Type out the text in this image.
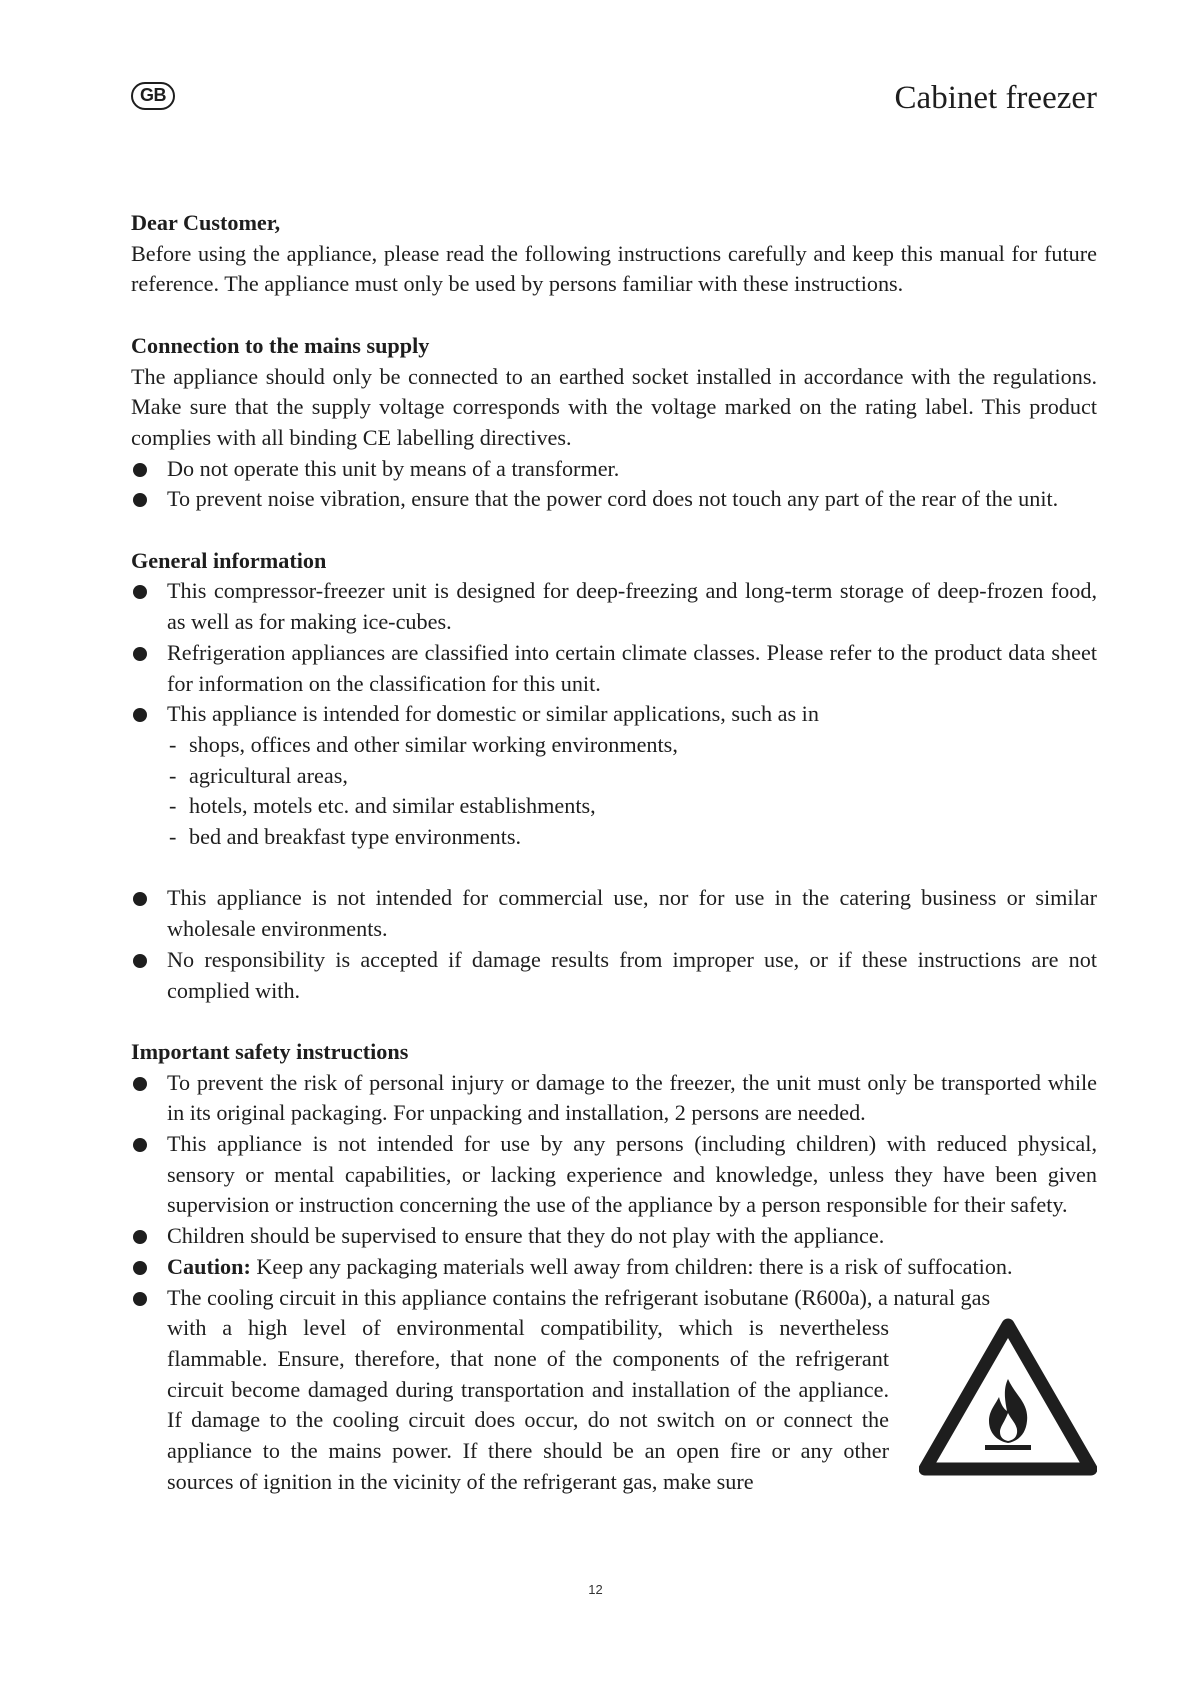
GB	Cabinet freezer
Dear Customer,

Before using the appliance, please read the following instructions carefully and keep this manual for future reference. The appliance must only be used by persons familiar with these instructions.

Connection to the mains supply

The appliance should only be connected to an earthed socket installed in accordance with the regulations. Make sure that the supply voltage corresponds with the voltage marked on the rating label. This product complies with all binding CE labelling directives.

Do not operate this unit by means of a transformer.
To prevent noise vibration, ensure that the power cord does not touch any part of the rear of the unit.
General information
This compressor-freezer unit is designed for deep-freezing and long-term storage of deep-frozen food, as well as for making ice-cubes.
Refrigeration appliances are classified into certain climate classes. Please refer to the product data sheet for information on the classification for this unit.
This appliance is intended for domestic or similar applications, such as in
- shops, offices and other similar working environments,
- agricultural areas,
- hotels, motels etc. and similar establishments,
- bed and breakfast type environments.
This appliance is not intended for commercial use, nor for use in the catering business or similar wholesale environments.
No responsibility is accepted if damage results from improper use, or if these instructions are not complied with.
Important safety instructions
To prevent the risk of personal injury or damage to the freezer, the unit must only be transported while in its original packaging. For unpacking and installation, 2 persons are needed.
This appliance is not intended for use by any persons (including children) with reduced physical, sensory or mental capabilities, or lacking experience and knowledge, unless they have been given supervision or instruction concerning the use of the appliance by a person responsible for their safety.
Children should be supervised to ensure that they do not play with the appliance.
Caution: Keep any packaging materials well away from children: there is a risk of suffocation.
The cooling circuit in this appliance contains the refrigerant isobutane (R600a), a natural gas
with a high level of environmental compatibility, which is nevertheless flammable. Ensure, therefore, that none of the components of the refrigerant circuit become damaged during transportation and installation of the appliance. If damage to the cooling circuit does occur, do not switch on or connect the appliance to the mains power. If there should be an open fire or any other sources of ignition in the vicinity of the refrigerant gas, make sure
12
